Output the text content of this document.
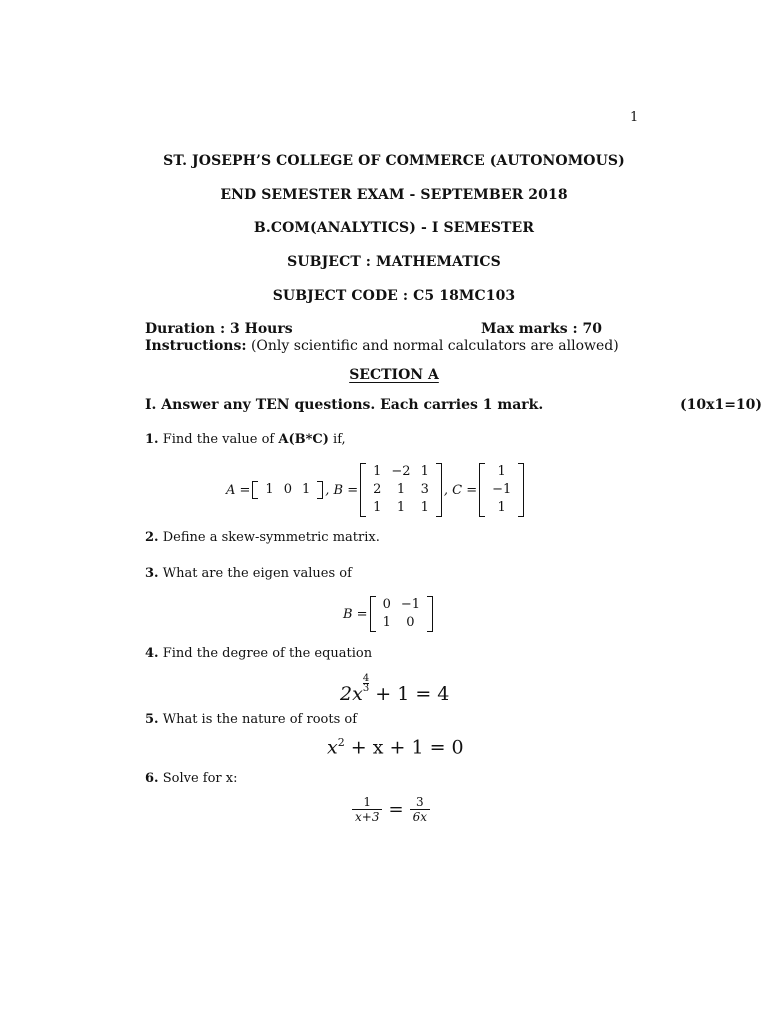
1
ST. JOSEPH’S COLLEGE OF COMMERCE (AUTONOMOUS)
END SEMESTER EXAM - SEPTEMBER 2018
B.COM(ANALYTICS) - I SEMESTER
SUBJECT : MATHEMATICS
SUBJECT CODE : C5 18MC103
Duration : 3 Hours	Max marks : 70
Instructions: (Only scientific and normal calculators are allowed)
SECTION A
I. Answer any TEN questions. Each carries 1 mark.	(10x1=10)
1. Find the value of A(B*C) if,
A = 1	0	1 , B =
1	−2	1
2	1	3
1	1	1
, C =
1
−1
1
2. Define a skew-symmetric matrix.
3. What are the eigen values of
B =
0	−1
1	0
4. Find the degree of the equation
$2x \frac{4}{3} + 1 = 4$
5. What is the nature of roots of
$x^2 + x + 1 = 0$
6. Solve for x:
$\frac{1}{x+3} = \frac{3}{6x}$
